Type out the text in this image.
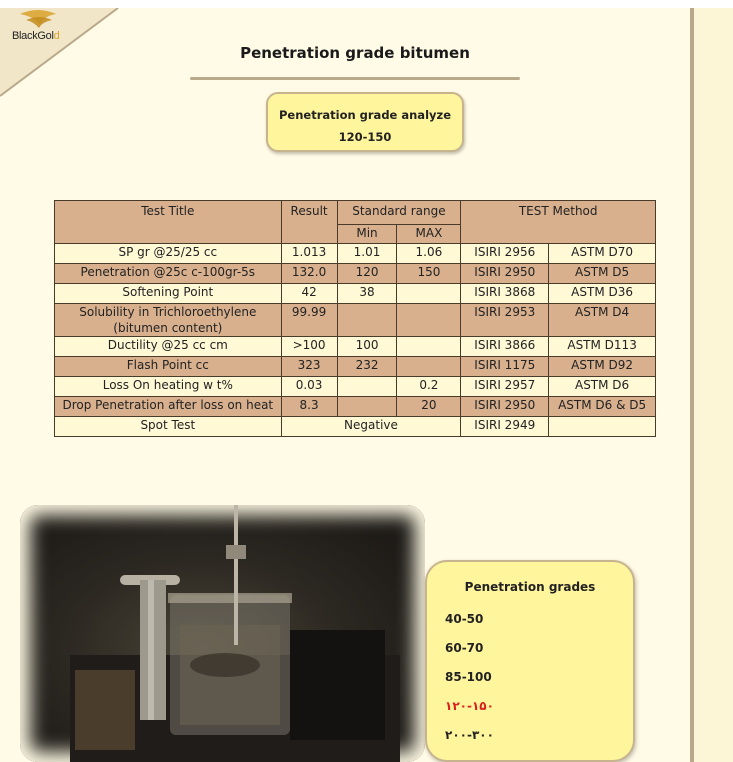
BlackGold
Penetration grade bitumen
Penetration grade analyze
120-150
Test Title	Result	Standard range		TEST Method	
		Min	MAX		
SP gr @25/25 cc	1.013	1.01	1.06	ISIRI 2956	ASTM D70
Penetration @25c c-100gr-5s	132.0	120	150	ISIRI 2950	ASTM D5
Softening Point	42	38		ISIRI 3868	ASTM D36
Solubility in Trichloroethylene (bitumen content)	99.99			ISIRI 2953	ASTM D4
Ductility @25 cc cm	>100	100		ISIRI 3866	ASTM D113
Flash Point cc	323	232		ISIRI 1175	ASTM D92
Loss On heating w t%	0.03		0.2	ISIRI 2957	ASTM D6
Drop Penetration after loss on heat	8.3		20	ISIRI 2950	ASTM D6 & D5
Spot Test	Negative			ISIRI 2949	
Penetration grades
40-50
60-70
85-100
۱۲۰-۱۵۰
۲۰۰-۳۰۰
